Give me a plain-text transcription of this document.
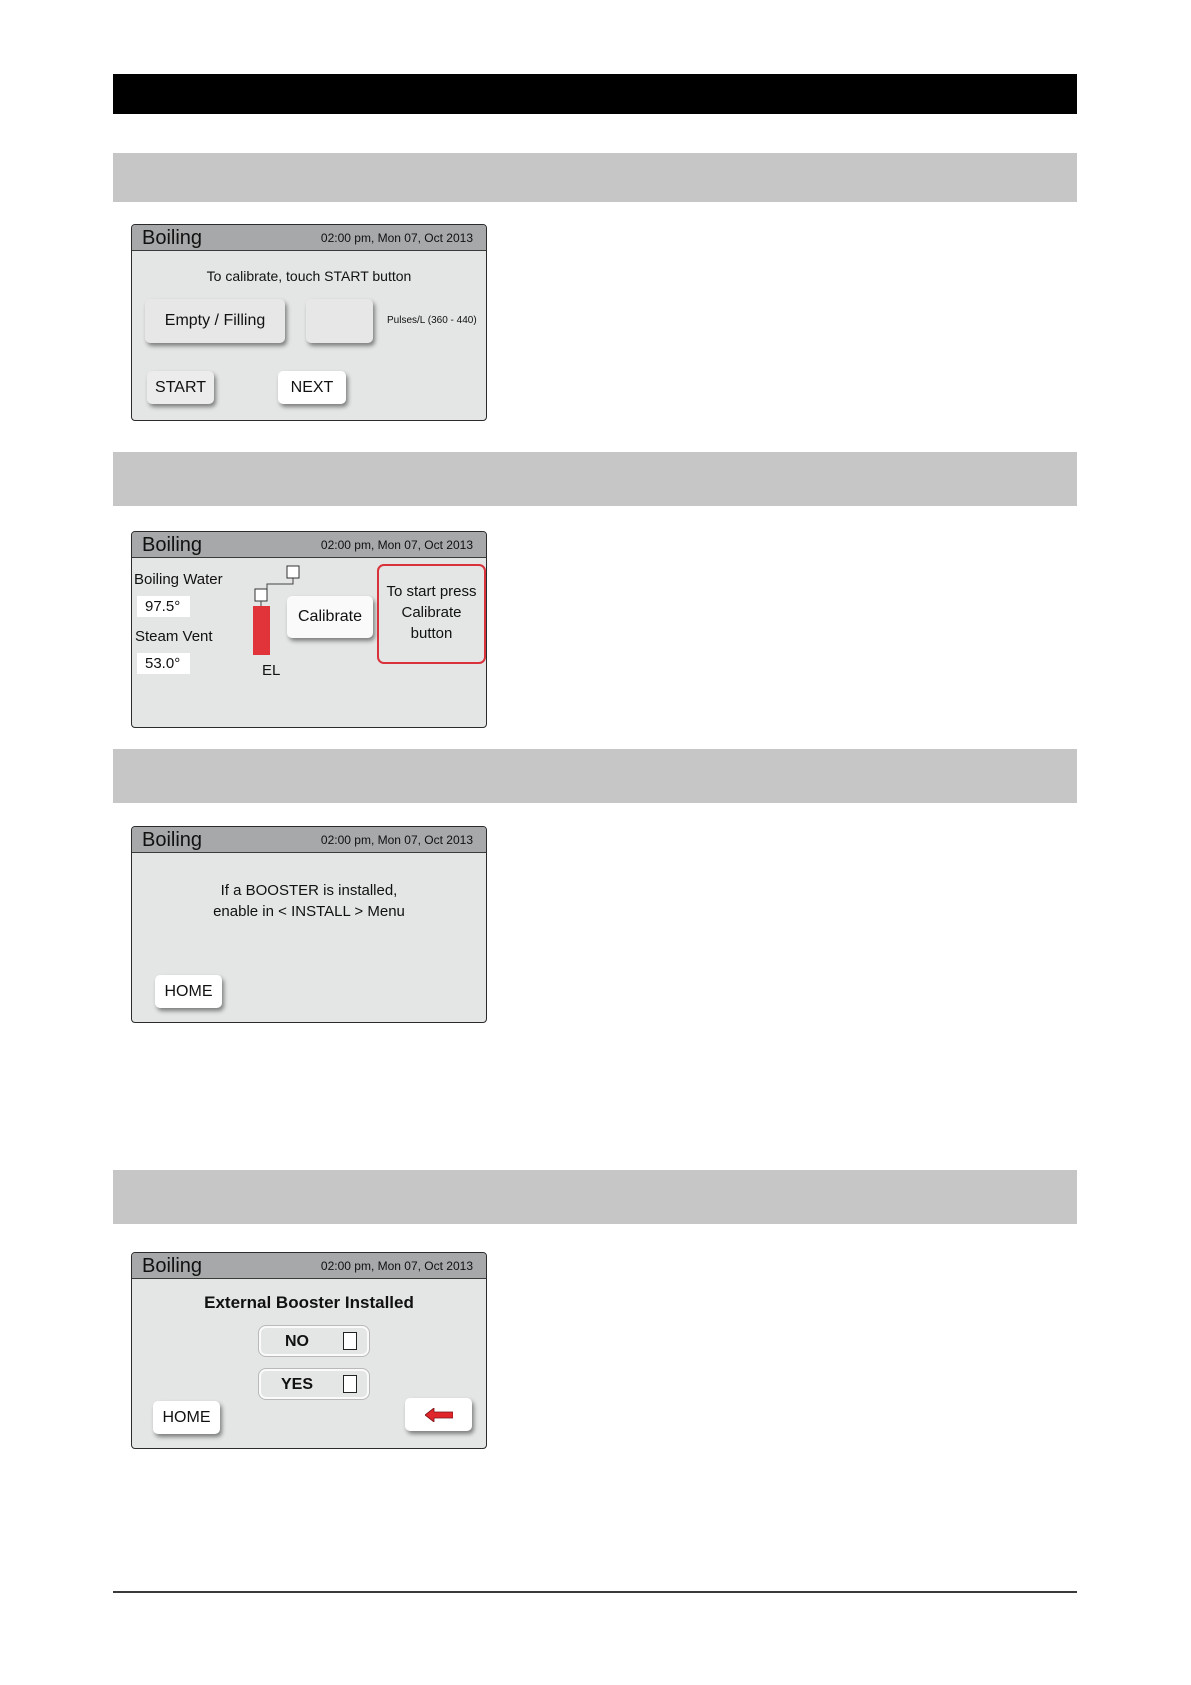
Boiling	02:00 pm, Mon 07, Oct 2013
To calibrate, touch START button
Empty / Filling	Pulses/L (360 - 440)
START	NEXT
Boiling	02:00 pm, Mon 07, Oct 2013
Boiling Water
97.5°
Steam Vent
53.0°	EL
Calibrate
To start press
Calibrate
button
Boiling	02:00 pm, Mon 07, Oct 2013
If a BOOSTER is installed,
enable in < INSTALL > Menu
HOME
Boiling	02:00 pm, Mon 07, Oct 2013
External Booster Installed
NO
YES
HOME
